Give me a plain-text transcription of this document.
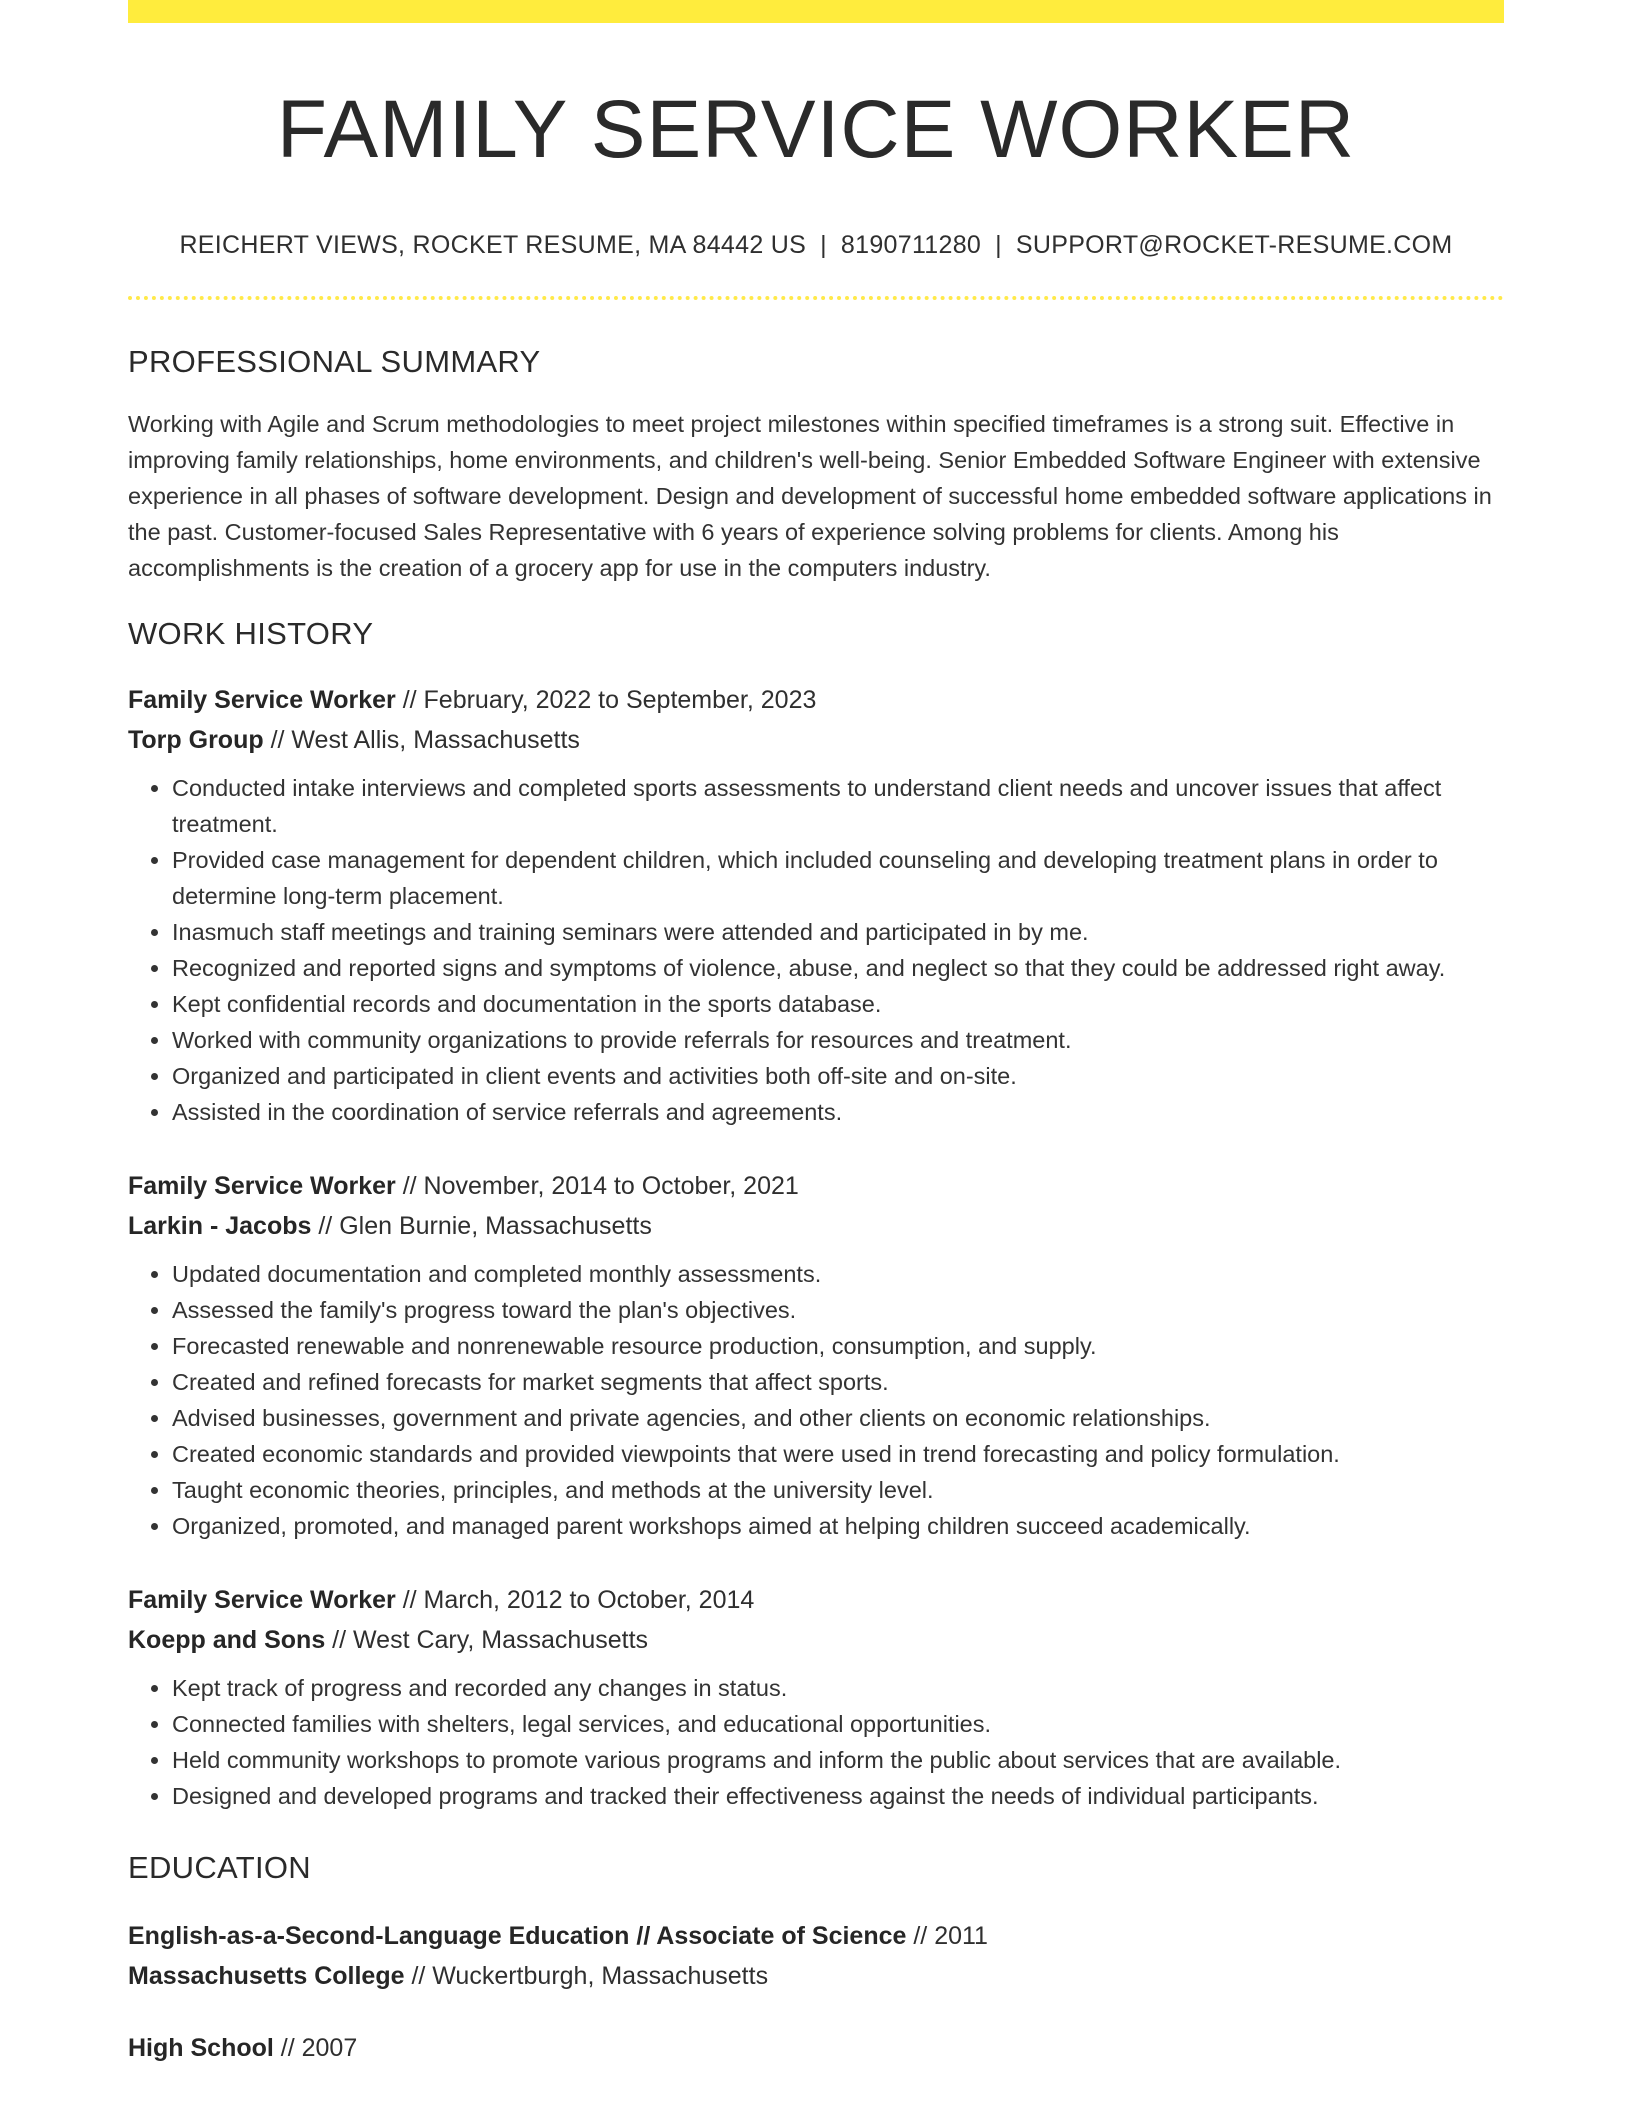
FAMILY SERVICE WORKER
REICHERT VIEWS, ROCKET RESUME, MA 84442 US | 8190711280 | SUPPORT@ROCKET-RESUME.COM
PROFESSIONAL SUMMARY

Working with Agile and Scrum methodologies to meet project milestones within specified timeframes is a strong suit. Effective in improving family relationships, home environments, and children's well-being. Senior Embedded Software Engineer with extensive experience in all phases of software development. Design and development of successful home embedded software applications in the past. Customer-focused Sales Representative with 6 years of experience solving problems for clients. Among his accomplishments is the creation of a grocery app for use in the computers industry.

WORK HISTORY
Family Service Worker // February, 2022 to September, 2023
Torp Group // West Allis, Massachusetts
• Conducted intake interviews and completed sports assessments to understand client needs and uncover issues that affect treatment.
• Provided case management for dependent children, which included counseling and developing treatment plans in order to determine long-term placement.
• Inasmuch staff meetings and training seminars were attended and participated in by me.
• Recognized and reported signs and symptoms of violence, abuse, and neglect so that they could be addressed right away.
• Kept confidential records and documentation in the sports database.
• Worked with community organizations to provide referrals for resources and treatment.
• Organized and participated in client events and activities both off-site and on-site.
• Assisted in the coordination of service referrals and agreements.
Family Service Worker // November, 2014 to October, 2021
Larkin - Jacobs // Glen Burnie, Massachusetts
• Updated documentation and completed monthly assessments.
• Assessed the family's progress toward the plan's objectives.
• Forecasted renewable and nonrenewable resource production, consumption, and supply.
• Created and refined forecasts for market segments that affect sports.
• Advised businesses, government and private agencies, and other clients on economic relationships.
• Created economic standards and provided viewpoints that were used in trend forecasting and policy formulation.
• Taught economic theories, principles, and methods at the university level.
• Organized, promoted, and managed parent workshops aimed at helping children succeed academically.
Family Service Worker // March, 2012 to October, 2014
Koepp and Sons // West Cary, Massachusetts
• Kept track of progress and recorded any changes in status.
• Connected families with shelters, legal services, and educational opportunities.
• Held community workshops to promote various programs and inform the public about services that are available.
• Designed and developed programs and tracked their effectiveness against the needs of individual participants.
EDUCATION
English-as-a-Second-Language Education // Associate of Science // 2011
Massachusetts College // Wuckertburgh, Massachusetts
High School // 2007
